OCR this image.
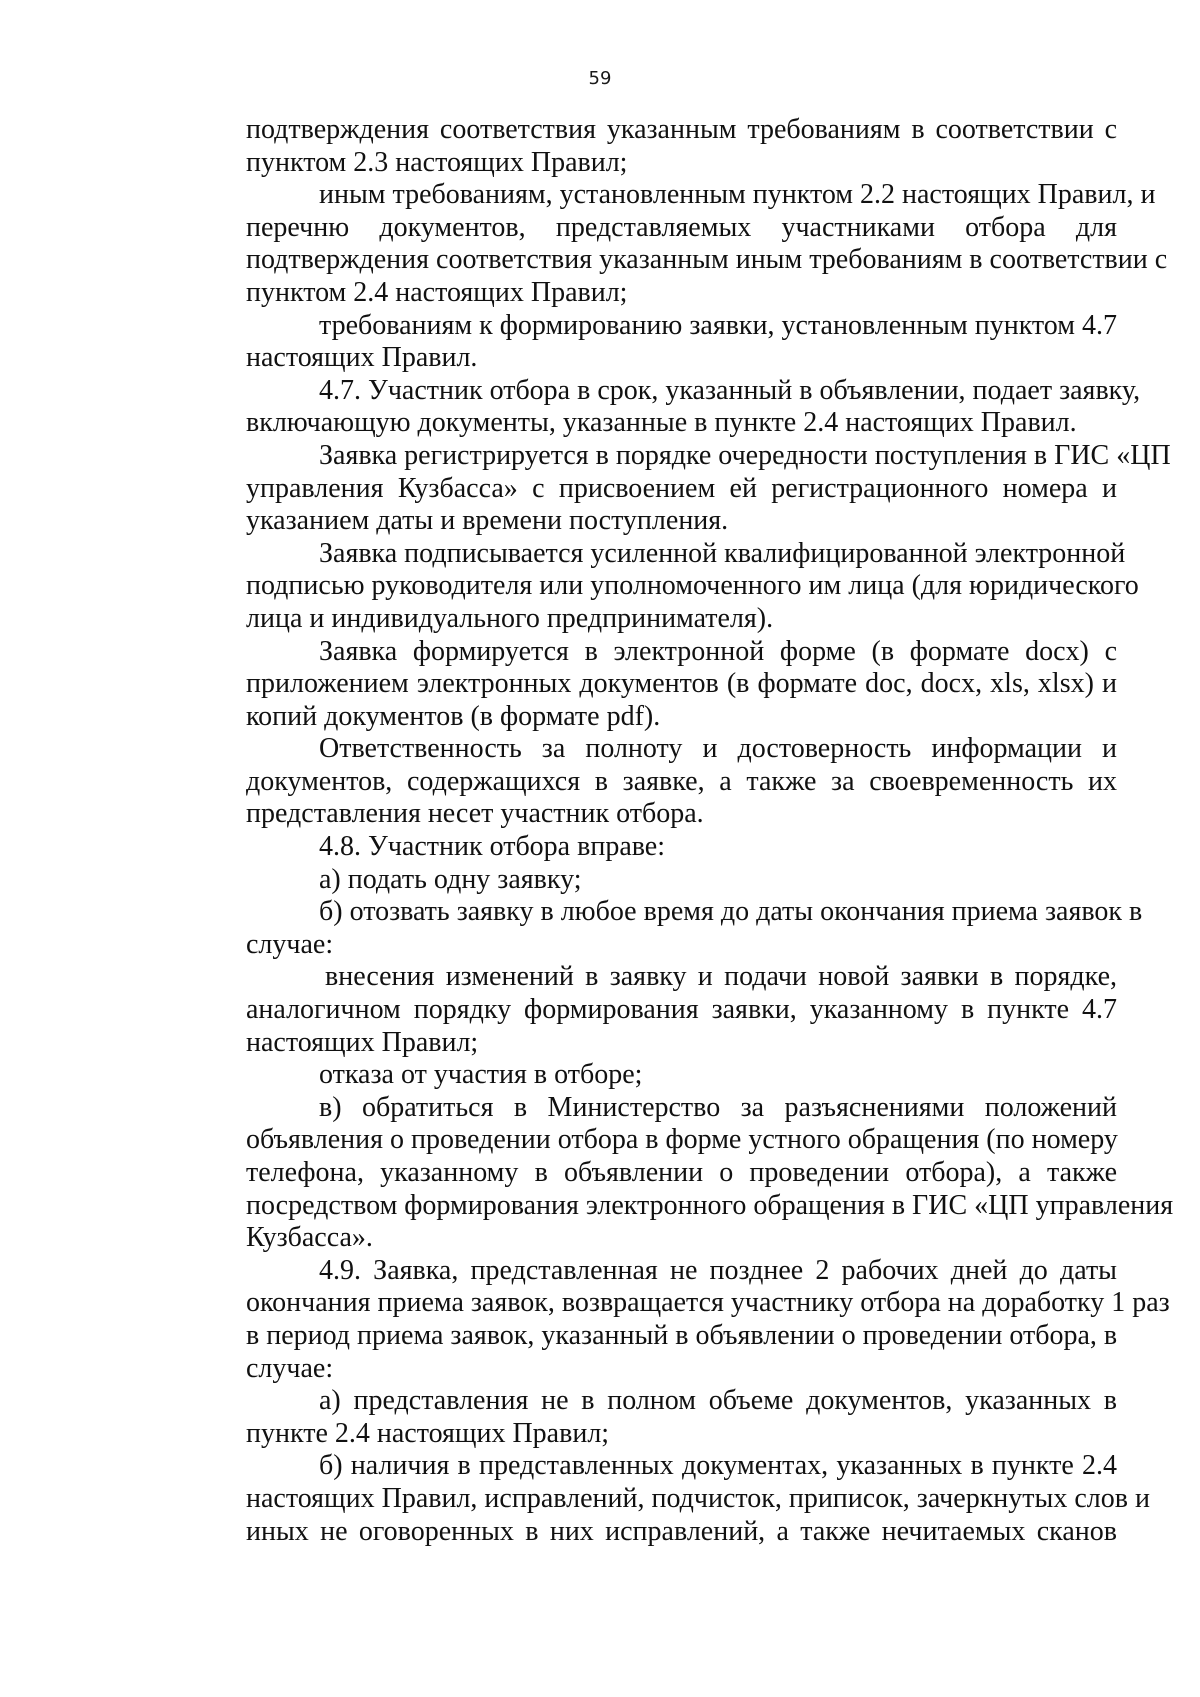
59
подтверждения соответствия указанным требованиям в соответствии с
пунктом 2.3 настоящих Правил;
иным требованиям, установленным пунктом 2.2 настоящих Правил, и
перечню документов, представляемых участниками отбора для
подтверждения соответствия указанным иным требованиям в соответствии с
пунктом 2.4 настоящих Правил;
требованиям к формированию заявки, установленным пунктом 4.7
настоящих Правил.
4.7. Участник отбора в срок, указанный в объявлении, подает заявку,
включающую документы, указанные в пункте 2.4 настоящих Правил.
Заявка регистрируется в порядке очередности поступления в ГИС «ЦП
управления Кузбасса» с присвоением ей регистрационного номера и
указанием даты и времени поступления.
Заявка подписывается усиленной квалифицированной электронной
подписью руководителя или уполномоченного им лица (для юридического
лица и индивидуального предпринимателя).
Заявка формируется в электронной форме (в формате docx) с
приложением электронных документов (в формате doc, docx, xls, xlsx) и
копий документов (в формате pdf).
Ответственность за полноту и достоверность информации и
документов, содержащихся в заявке, а также за своевременность их
представления несет участник отбора.
4.8. Участник отбора вправе:
а) подать одну заявку;
б) отозвать заявку в любое время до даты окончания приема заявок в
случае:
внесения изменений в заявку и подачи новой заявки в порядке,
аналогичном порядку формирования заявки, указанному в пункте 4.7
настоящих Правил;
отказа от участия в отборе;
в) обратиться в Министерство за разъяснениями положений
объявления о проведении отбора в форме устного обращения (по номеру
телефона, указанному в объявлении о проведении отбора), а также
посредством формирования электронного обращения в ГИС «ЦП управления
Кузбасса».
4.9. Заявка, представленная не позднее 2 рабочих дней до даты
окончания приема заявок, возвращается участнику отбора на доработку 1 раз
в период приема заявок, указанный в объявлении о проведении отбора, в
случае:
а) представления не в полном объеме документов, указанных в
пункте 2.4 настоящих Правил;
б) наличия в представленных документах, указанных в пункте 2.4
настоящих Правил, исправлений, подчисток, приписок, зачеркнутых слов и
иных не оговоренных в них исправлений, а также нечитаемых сканов
